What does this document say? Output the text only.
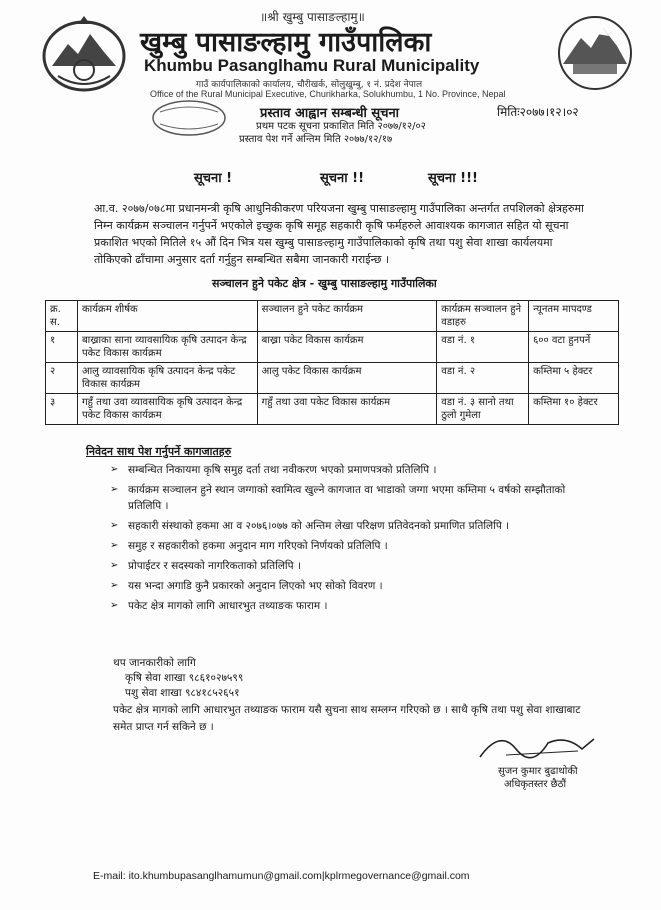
॥श्री खुम्बु पासाङल्हामु॥
खुम्बु पासाङल्हामु गाउँपालिका
Khumbu Pasanglhamu Rural Municipality
गाउँ कार्यपालिकाको कार्यालय, चौरीखर्क, सोलुखुम्बु, १ नं. प्रदेश नेपाल
Office of the Rural Municipal Executive, Churikharka, Solukhumbu, 1 No. Province, Nepal
प्रस्ताव आह्वान सम्बन्धी सूचना	मितिः२०७७।१२।०२
प्रथम पटक सूचना प्रकाशित मिति २०७७/१२/०२
प्रस्ताव पेश गर्ने अन्तिम मिति २०७७/१२/१७
सूचना !	सूचना !!	सूचना !!!
आ.व. २०७७/०७८मा प्रधानमन्त्री कृषि आधुनिकीकरण परियजना खुम्बु पासाङल्हामु गाउँपालिका अन्तर्गत तपशिलको क्षेत्रहरुमा निम्न कार्यक्रम सञ्चालन गर्नुपर्ने भएकोले इच्छुक कृषि समूह सहकारी कृषि फर्महरुले आवाश्यक कागजात सहित यो सूचना प्रकाशित भएको मितिले १५ औं दिन भित्र यस खुम्बु पासाङल्हामु गाउँपालिकाको कृषि तथा पशु सेवा शाखा कार्यलयमा तोकिएको ढाँचामा अनुसार दर्ता गर्नुहुन सम्बन्धित सबैमा जानकारी गराईन्छ ।
सञ्चालन हुने पकेट क्षेत्र - खुम्बु पासाङल्हामु गाउँपालिका
क्र. स.	कार्यक्रम शीर्षक	सञ्चालन हुने पकेट कार्यक्रम	कार्यक्रम सञ्चालन हुने वडाहरु	न्यूनतम मापदण्ड
१	बाख्राका साना व्यावसायिक कृषि उत्पादन केन्द्र पकेट विकास कार्यक्रम	बाख्रा पकेट विकास कार्यक्रम	वडा नं. १	६०० वटा हुनपर्ने
२	आलु व्यावसायिक कृषि उत्पादन केन्द्र पकेट विकास कार्यक्रम	आलु पकेट विकास कार्यक्रम	वडा नं. २	कम्तिमा ५ हेक्टर
३	गहुँ तथा उवा व्यावसायिक कृषि उत्पादन केन्द्र पकेट विकास कार्यक्रम	गहुँ तथा उवा पकेट विकास कार्यक्रम	वडा नं. ३ सानो तथा ठुलो गुमेला	कम्तिमा १० हेक्टर
निवेदन साथ पेश गर्नुपर्ने कागजातहरु
➢ सम्बन्धित निकायमा कृषि समुह दर्ता तथा नवीकरण भएको प्रमाणपत्रको प्रतिलिपि ।
➢ कार्यक्रम सञ्चालन हुने स्थान जग्गाको स्वामित्व खुल्ने कागजात वा भाडाको जग्गा भएमा कम्तिमा ५ वर्षको सम्झौताको प्रतिलिपि ।
➢ सहकारी संस्थाको हकमा आ व २०७६।०७७ को अन्तिम लेखा परिक्षण प्रतिवेदनको प्रमाणित प्रतिलिपि ।
➢ समुह र सहकारीको हकमा अनुदान माग गरिएको निर्णयको प्रतिलिपि ।
➢ प्रोपाईटर र सदस्यको नागरिकताको प्रतिलिपि ।
➢ यस भन्दा अगाडि कुनै प्रकारको अनुदान लिएको भए सोको विवरण ।
➢ पकेट क्षेत्र मागको लागि आधारभुत तथ्याङक फाराम ।
थप जानकारीको लागि
कृषि सेवा शाखा ९८६१०२७५९९
पशु सेवा शाखा ९८४१८५२६५१
पकेट क्षेत्र मागको लागि आधारभुत तथ्याङक फाराम यसै सुचना साथ सम्लग्न गरिएको छ । साथै कृषि तथा पशु सेवा शाखाबाट समेत प्राप्त गर्न सकिने छ ।
सुजन कुमार बुढाथोकी
अधिकृतस्तर छैठौं
E-mail: ito.khumbupasanglhamumun@gmail.com|kplrmegovernance@gmail.com
